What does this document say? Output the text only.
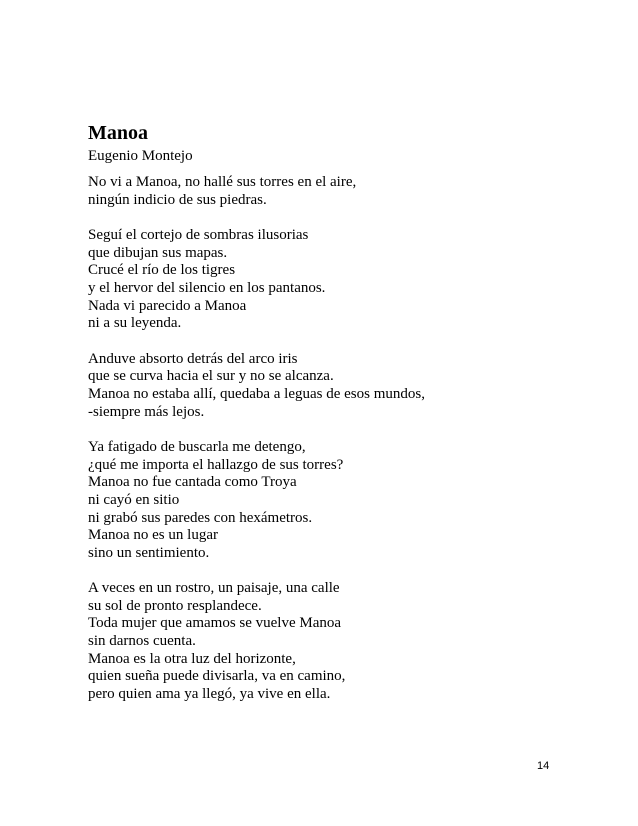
Manoa

Eugenio Montejo

No vi a Manoa, no hallé sus torres en el aire,
ningún indicio de sus piedras.
Seguí el cortejo de sombras ilusorias
que dibujan sus mapas.
Crucé el río de los tigres
y el hervor del silencio en los pantanos.
Nada vi parecido a Manoa
ni a su leyenda.
Anduve absorto detrás del arco iris
que se curva hacia el sur y no se alcanza.
Manoa no estaba allí, quedaba a leguas de esos mundos,
-siempre más lejos.
Ya fatigado de buscarla me detengo,
¿qué me importa el hallazgo de sus torres?
Manoa no fue cantada como Troya
ni cayó en sitio
ni grabó sus paredes con hexámetros.
Manoa no es un lugar
sino un sentimiento.
A veces en un rostro, un paisaje, una calle
su sol de pronto resplandece.
Toda mujer que amamos se vuelve Manoa
sin darnos cuenta.
Manoa es la otra luz del horizonte,
quien sueña puede divisarla, va en camino,
pero quien ama ya llegó, ya vive en ella.
14
